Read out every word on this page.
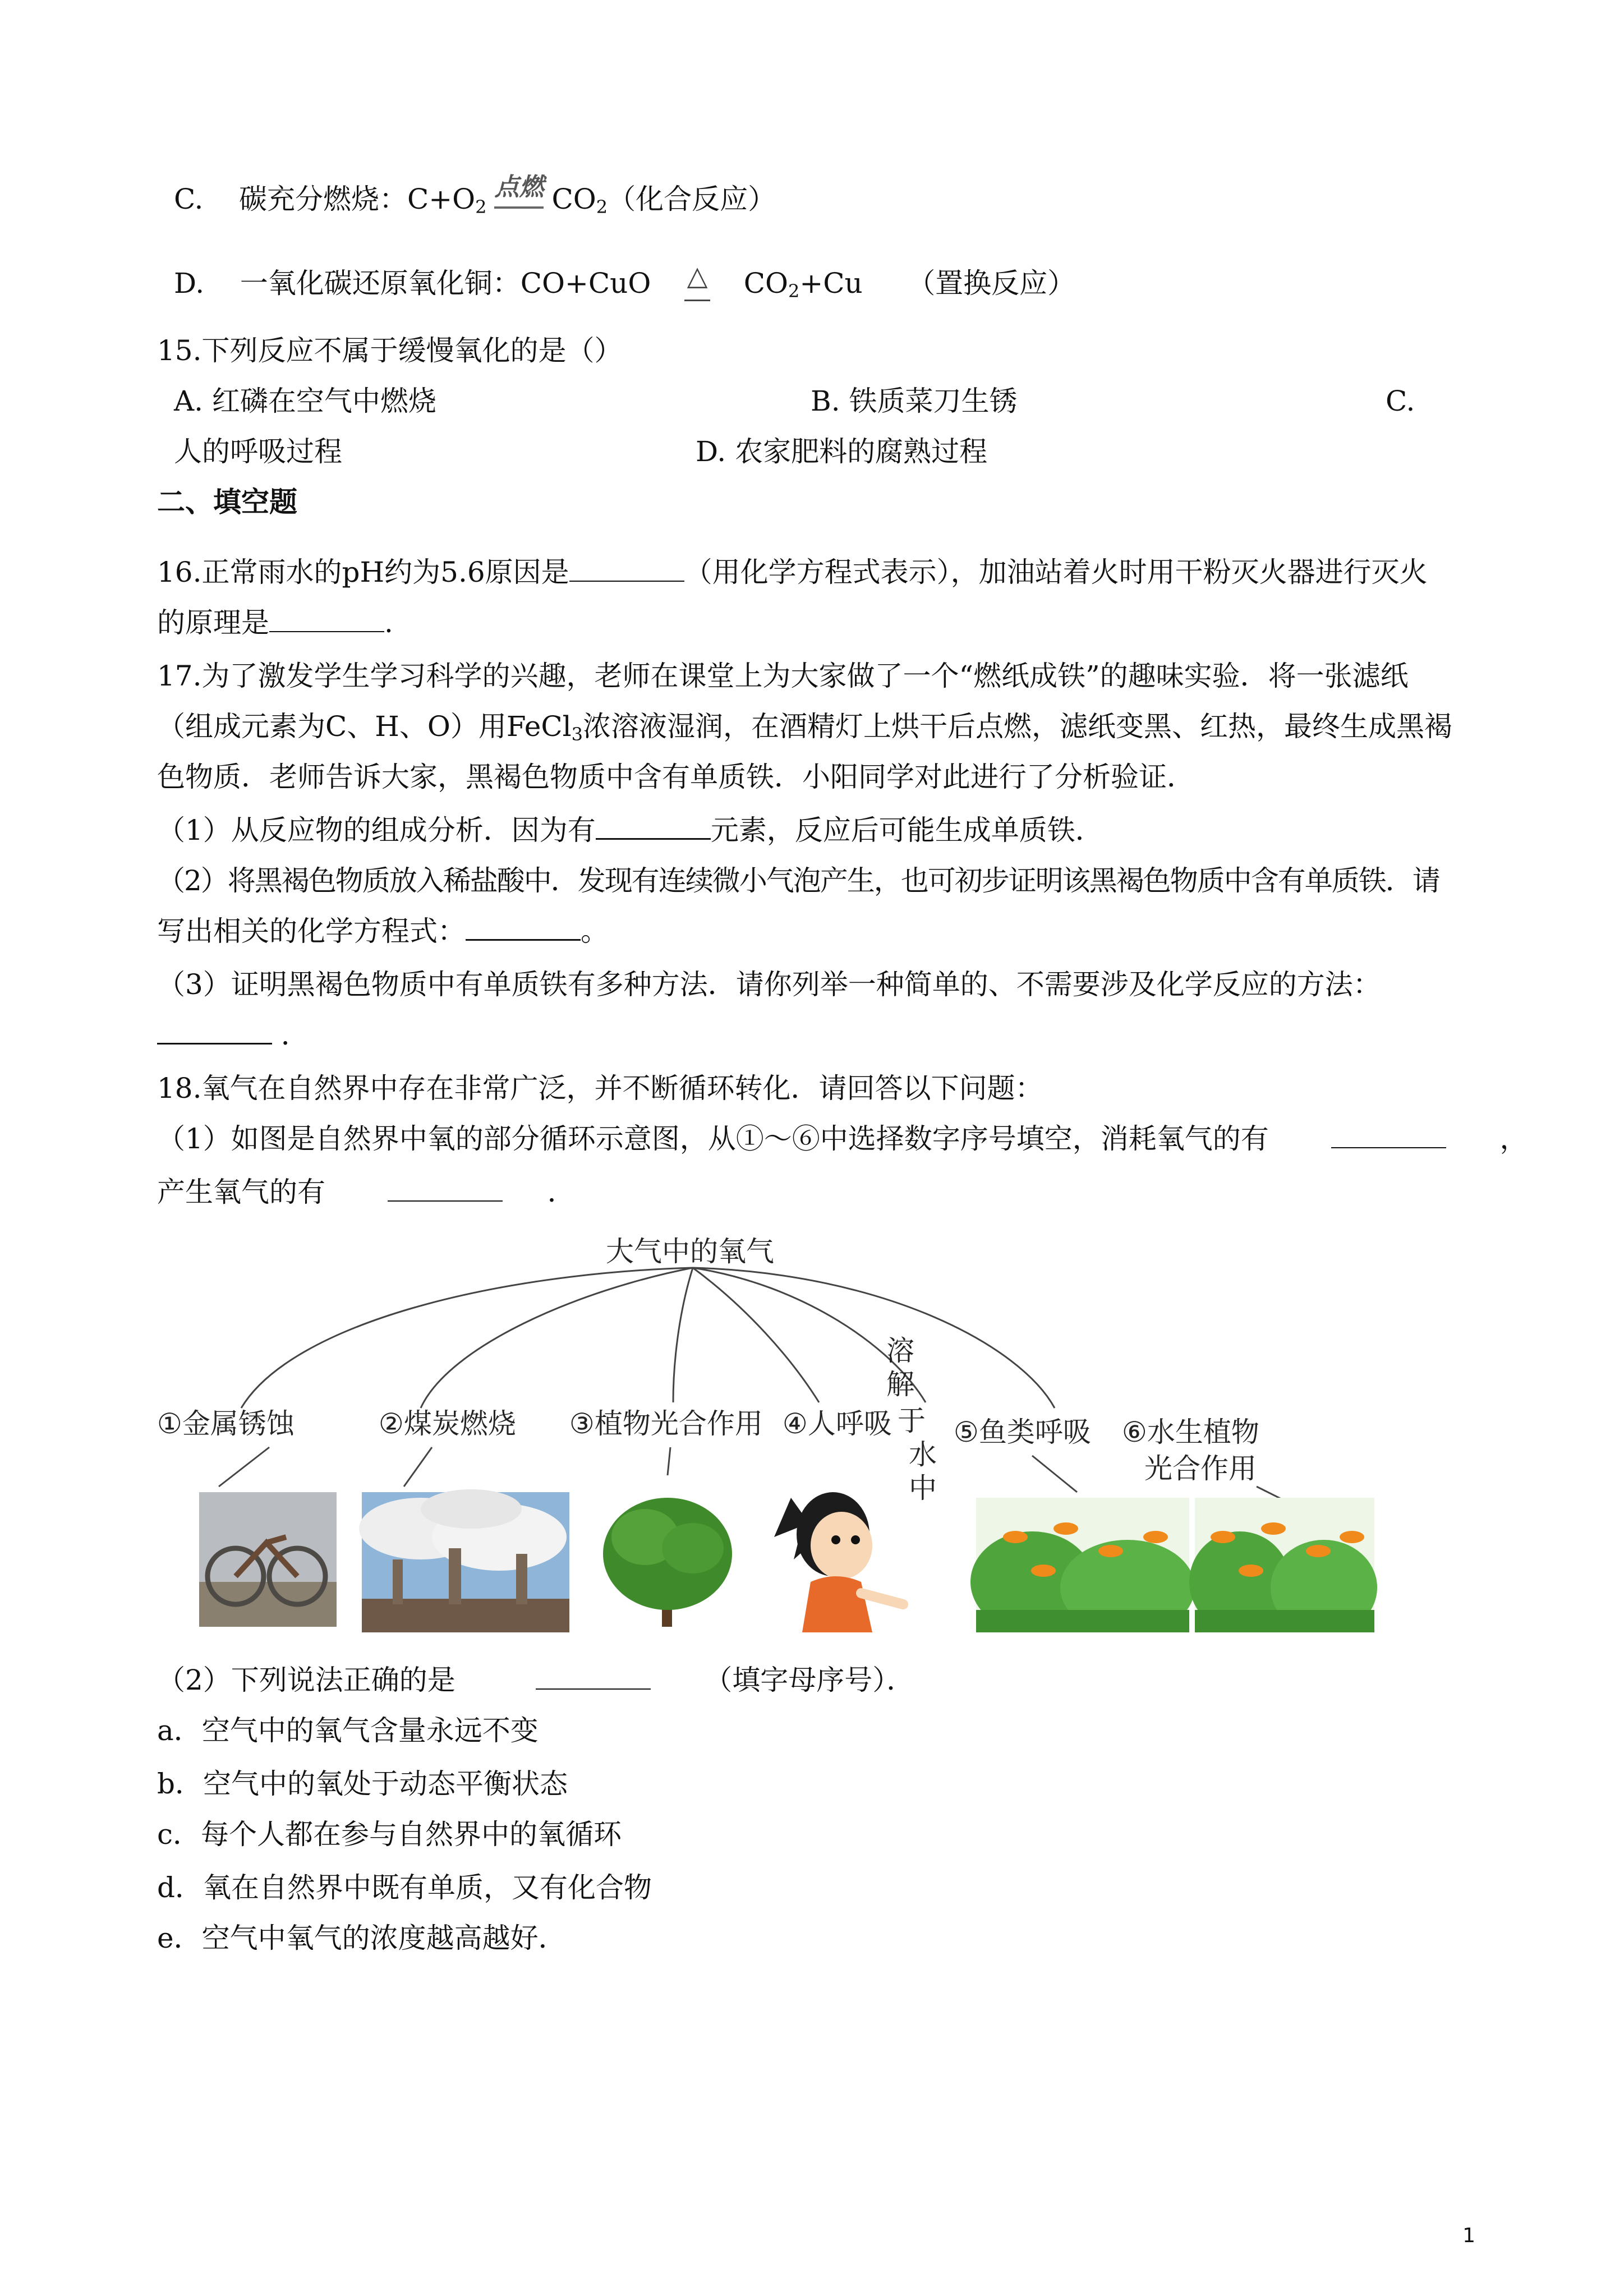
C. 碳充分燃烧：$C+O_2$
点燃 $CO_2$（化合反应）
D. 一氧化碳还原氧化铜：CO+CuO △ $CO_2+Cu$ （置换反应）
15.下列反应不属于缓慢氧化的是（）
A. 红磷在空气中燃烧	B. 铁质菜刀生锈	C.
人的呼吸过程	D. 农家肥料的腐熟过程
二、填空题
16.正常雨水的pH约为5.6原因是	（用化学方程式表示），加油站着火时用干粉灭火器进行灭火
的原理是	.
17.为了激发学生学习科学的兴趣，老师在课堂上为大家做了一个“燃纸成铁”的趣味实验．将一张滤纸
（组成元素为C、H、O）用FeCl$_3$浓溶液湿润，在酒精灯上烘干后点燃，滤纸变黑、红热，最终生成黑褐
色物质．老师告诉大家，黑褐色物质中含有单质铁．小阳同学对此进行了分析验证．
（1）从反应物的组成分析．因为有	元素，反应后可能生成单质铁．
（2）将黑褐色物质放入稀盐酸中．发现有连续微小气泡产生，也可初步证明该黑褐色物质中含有单质铁．请
写出相关的化学方程式：	。
（3）证明黑褐色物质中有单质铁有多种方法．请你列举一种简单的、不需要涉及化学反应的方法：
．
18.氧气在自然界中存在非常广泛，并不断循环转化．请回答以下问题：
（1）如图是自然界中氧的部分循环示意图，从①～⑥中选择数字序号填空，消耗氧气的有	，
产生氧气的有	．
大气中的氧气
①金属锈蚀	②煤炭燃烧 ③植物光合作用 ④人呼吸 ⑤鱼类呼吸 ⑥水生植物
光合作用
溶
解
于
水
中
（2）下列说法正确的是	（填字母序号）．
a．空气中的氧气含量永远不变
b．空气中的氧处于动态平衡状态
c．每个人都在参与自然界中的氧循环
d．氧在自然界中既有单质，又有化合物
e．空气中氧气的浓度越高越好．
1
